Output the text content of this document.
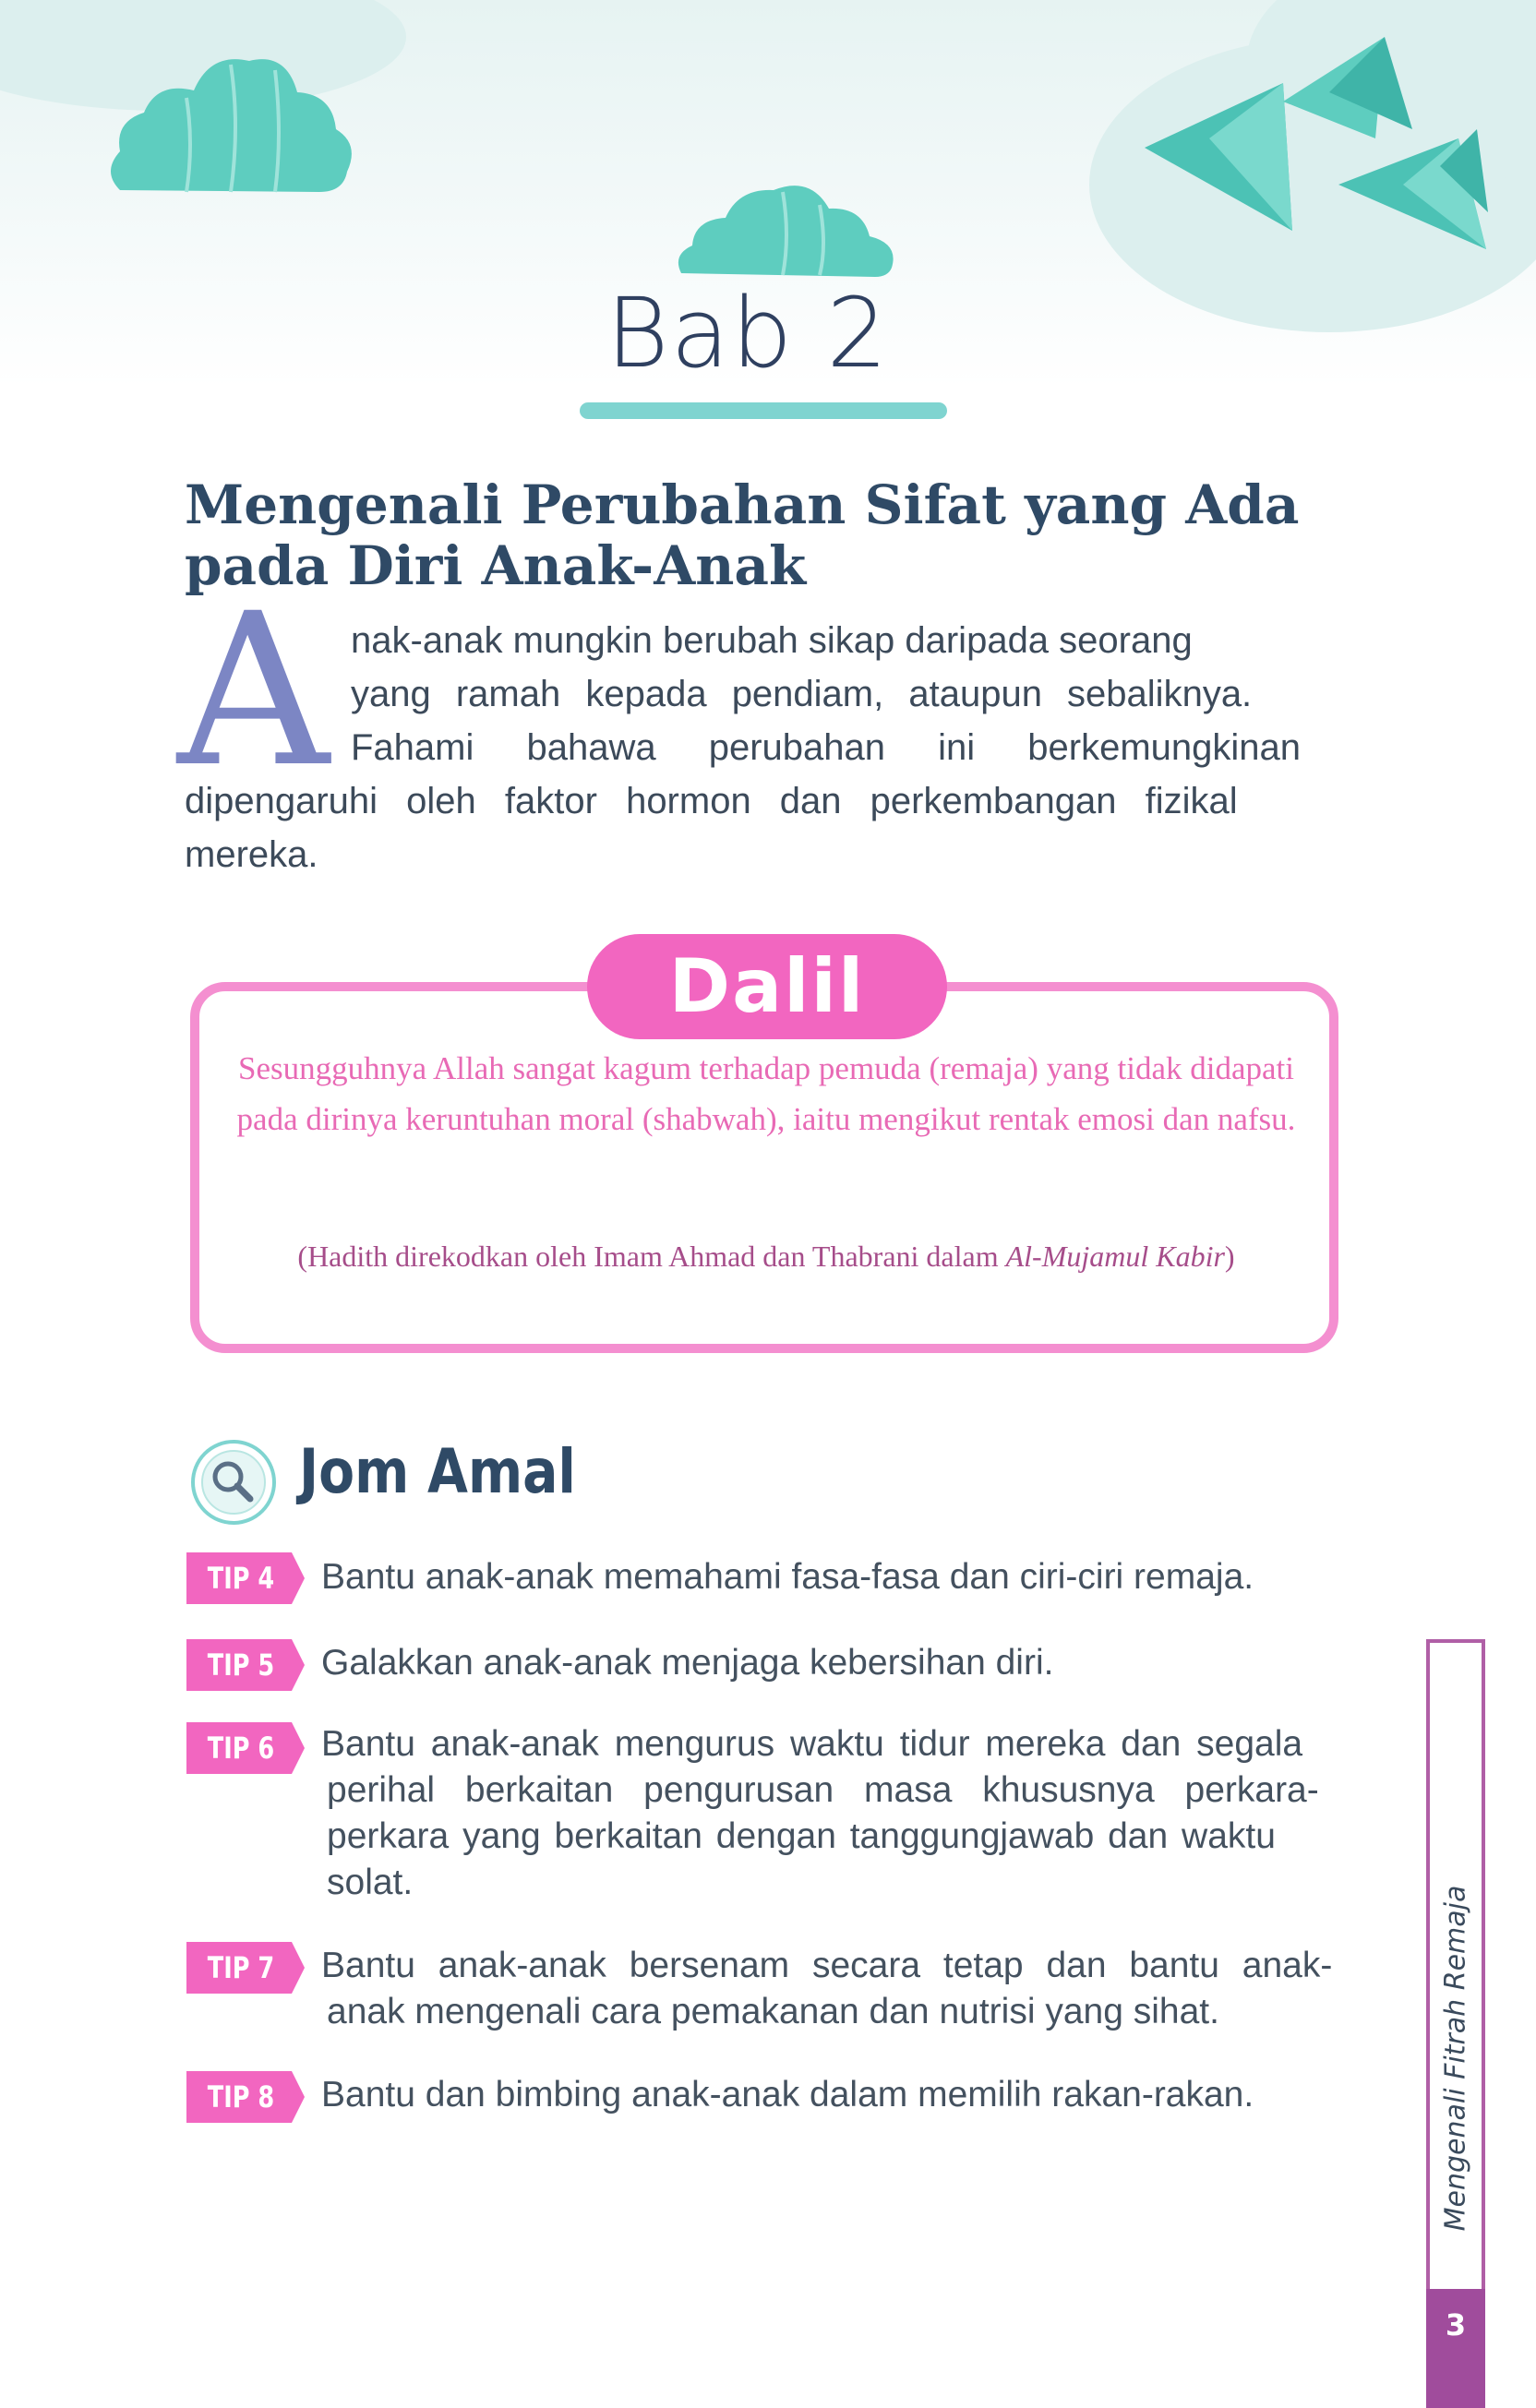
Bab 2
Mengenali Perubahan Sifat yang Ada
pada Diri Anak-Anak
A nak-anak mungkin berubah sikap daripada seorang
yang ramah kepada pendiam, ataupun sebaliknya.
Fahami bahawa perubahan ini berkemungkinan
dipengaruhi oleh faktor hormon dan perkembangan fizikal
mereka.
Dalil
Sesungguhnya Allah sangat kagum terhadap pemuda (remaja) yang tidak didapati pada dirinya keruntuhan moral (shabwah), iaitu mengikut rentak emosi dan nafsu.
(Hadith direkodkan oleh Imam Ahmad dan Thabrani dalam Al-Mujamul Kabir)
Jom Amal
TIP 4 Bantu anak-anak memahami fasa-fasa dan ciri-ciri remaja.
TIP 5 Galakkan anak-anak menjaga kebersihan diri.
TIP 6 Bantu anak-anak mengurus waktu tidur mereka dan segala
perihal berkaitan pengurusan masa khususnya perkara-
perkara yang berkaitan dengan tanggungjawab dan waktu
solat.
TIP 7 Bantu anak-anak bersenam secara tetap dan bantu anak-
anak mengenali cara pemakanan dan nutrisi yang sihat.
TIP 8 Bantu dan bimbing anak-anak dalam memilih rakan-rakan.	Mengenali Fitrah Remaja
3
